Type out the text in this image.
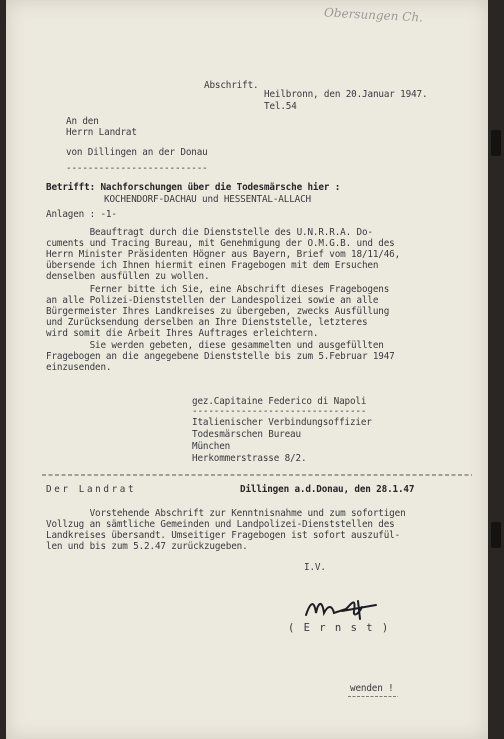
Obersungen Ch.

Abschrift.

Heilbronn, den 20.Januar 1947.

Tel.54

An den

Herrn Landrat

von Dillingen an der Donau

--------------------------

Betrifft: Nachforschungen über die Todesmärsche hier :

KOCHENDORF-DACHAU und HESSENTAL-ALLACH

Anlagen : -1-

Beauftragt durch die Dienststelle des U.N.R.R.A. Do-

cuments und Tracing Bureau, mit Genehmigung der O.M.G.B. und des

Herrn Minister Präsidenten Högner aus Bayern, Brief vom 18/11/46,

übersende ich Ihnen hiermit einen Fragebogen mit dem Ersuchen

denselben ausfüllen zu wollen.

Ferner bitte ich Sie, eine Abschrift dieses Fragebogens

an alle Polizei-Dienststellen der Landespolizei sowie an alle

Bürgermeister Ihres Landkreises zu übergeben, zwecks Ausfüllung

und Zurücksendung derselben an Ihre Dienststelle, letzteres

wird somit die Arbeit Ihres Auftrages erleichtern.

Sie werden gebeten, diese gesammelten und ausgefüllten

Fragebogen an die angegebene Dienststelle bis zum 5.Februar 1947

einzusenden.

gez.Capitaine Federico di Napoli

--------------------------------

Italienischer Verbindungsoffizier

Todesmärschen Bureau

München

Herkommerstrasse 8/2.

Der Landrat	Dillingen a.d.Donau, den 28.1.47

Vorstehende Abschrift zur Kenntnisnahme und zum sofortigen

Vollzug an sämtliche Gemeinden und Landpolizei-Dienststellen des

Landkreises übersandt. Umseitiger Fragebogen ist sofort auszufül-

len und bis zum 5.2.47 zurückzugeben.

I.V.

( E r n s t )

wenden !
